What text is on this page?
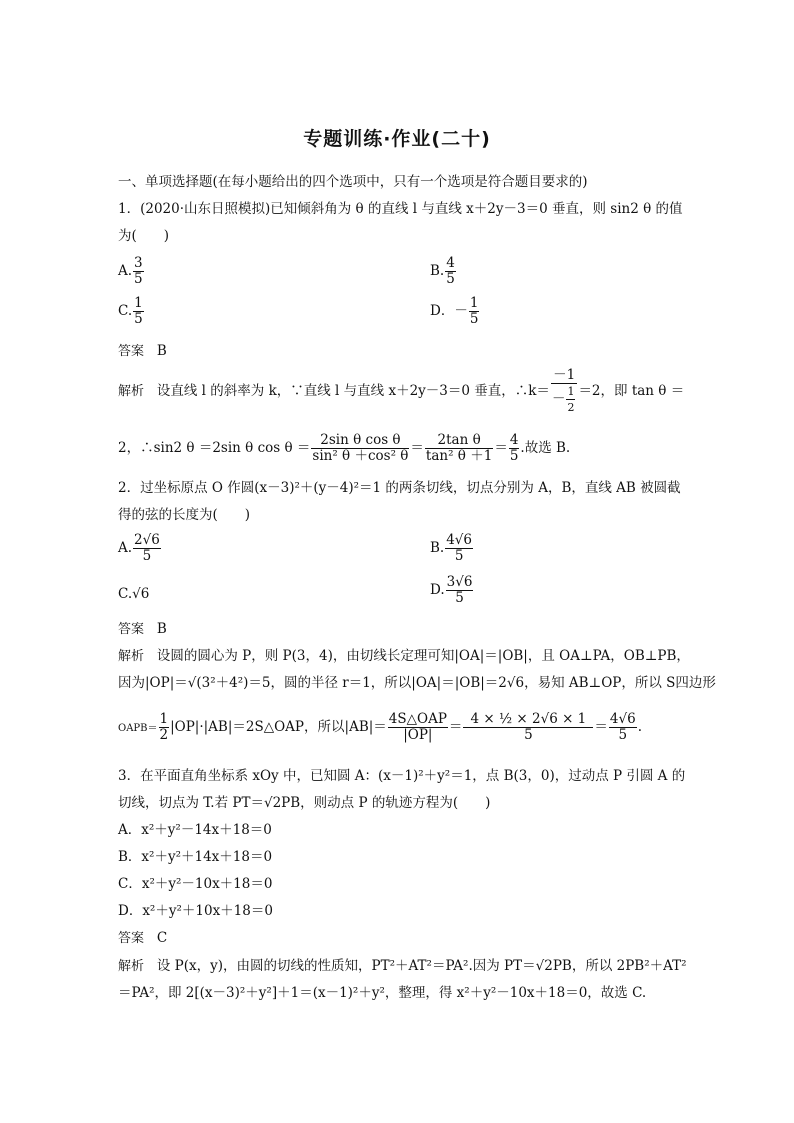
专题训练·作业(二十)
一、单项选择题(在每小题给出的四个选项中，只有一个选项是符合题目要求的)
1．(2020·山东日照模拟)已知倾斜角为 θ 的直线 l 与直线 x＋2y－3＝0 垂直，则 sin2 θ 的值
为(　　)
A. $\frac{3}{5}$	B. $\frac{4}{5}$
C. $\frac{1}{5}$	D．－ $\frac{1}{5}$
答案 B
解析 设直线 l 的斜率为 k，∵直线 l 与直线 x＋2y－3＝0 垂直，∴k＝ $\frac{-1}{- \frac{1}{2}} =2$，即 tan θ ＝
2，∴sin2 θ ＝2sin θ $\cos \theta = \frac{\text{2sin θ cos θ}}{\text{sin² θ ＋cos² θ}} = \frac{\text{2tan θ}}{\text{tan² θ ＋1}} = \frac{4}{5}$ .故选 B.
2．过坐标原点 O 作圆(x－3)²＋(y－4)²＝1 的两条切线，切点分别为 A，B，直线 AB 被圆截
得的弦的长度为(　　)
A. $\frac{2√6}{5}$	B. $\frac{4√6}{5}$
C.√6	D. $\frac{3√6}{5}$
答案 B
解析 设圆的圆心为 P，则 P(3，4)，由切线长定理可知|OA|＝|OB|，且 OA⊥PA，OB⊥PB，
因为|OP|＝√(3²＋4²)＝5，圆的半径 r＝1，所以|OA|＝|OB|＝2√6，易知 AB⊥OP，所以 S四边形
OAPB＝ $\frac{1}{2}$ |OP|·|AB|＝2S△OAP，所以$|AB|= \frac{\text{4S△OAP}}{|OP|} = \frac{\text{4 × ½ × 2√6 × 1}}{5} = \frac{4√6}{5}$ .
3．在平面直角坐标系 xOy 中，已知圆 A：(x－1)²＋y²＝1，点 B(3，0)，过动点 P 引圆 A 的
切线，切点为 T.若 PT＝√2PB，则动点 P 的轨迹方程为(　　)
A．x²＋y²－14x＋18＝0
B．x²＋y²＋14x＋18＝0
C．x²＋y²－10x＋18＝0
D．x²＋y²＋10x＋18＝0
答案 C
解析 设 P(x，y)，由圆的切线的性质知，PT²＋AT²＝PA².因为 PT＝√2PB，所以 2PB²＋AT²
＝PA²，即 2[(x－3)²＋y²]＋1＝(x－1)²＋y²，整理，得 x²＋y²－10x＋18＝0，故选 C.
